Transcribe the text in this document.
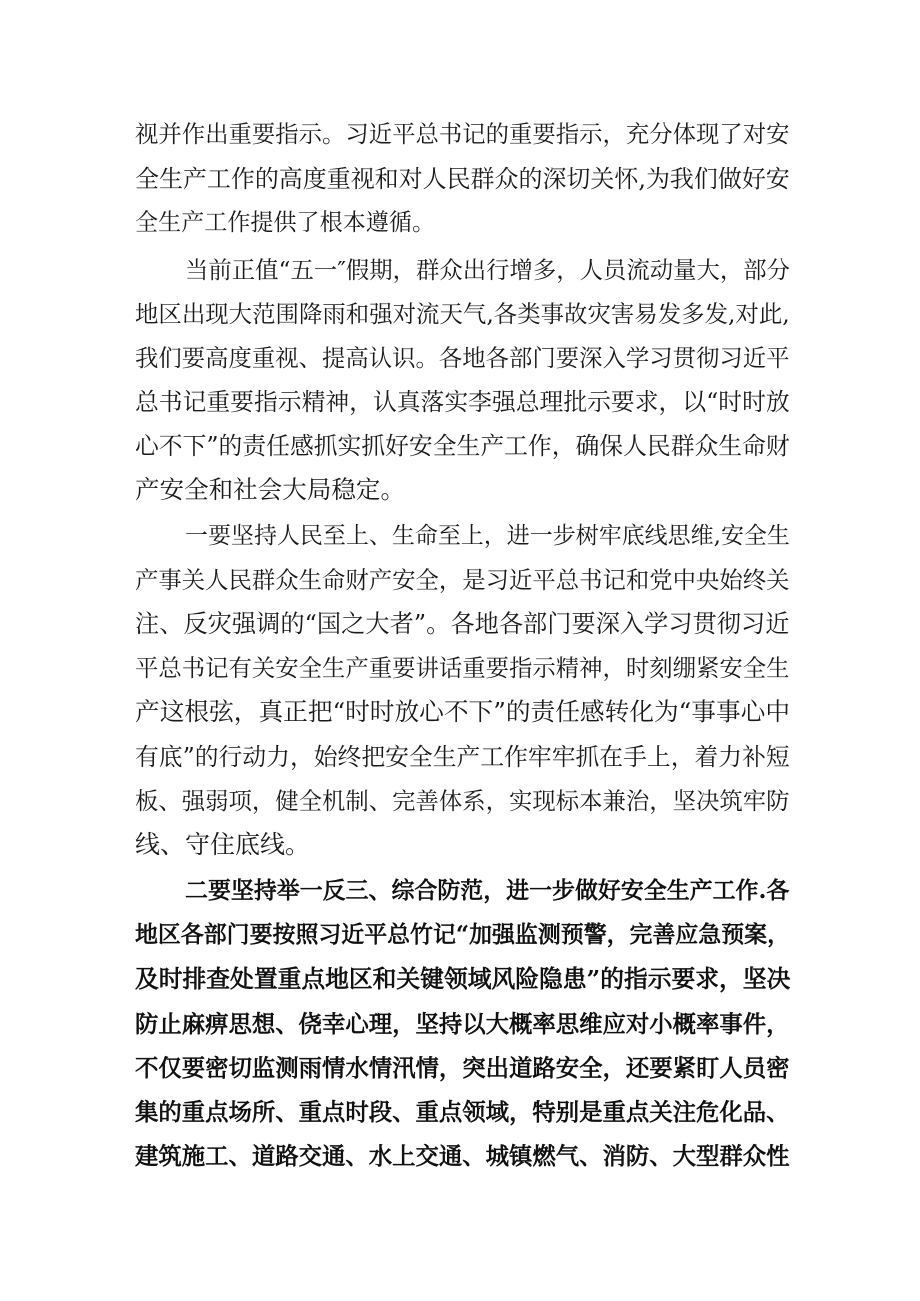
视并作出重要指示。习近平总书记的重要指示，充分体现了对安
全生产工作的高度重视和对人民群众的深切关怀,为我们做好安
全生产工作提供了根本遵循。
当前正值“五一″假期，群众出行增多，人员流动量大，部分
地区出现大范围降雨和强对流天气,各类事故灾害易发多发,对此,
我们要高度重视、提高认识。各地各部门要深入学习贯彻习近平
总书记重要指示精神，认真落实李强总理批示要求，以“时时放
心不下”的责任感抓实抓好安全生产工作，确保人民群众生命财
产安全和社会大局稳定。
一要坚持人民至上、生命至上，进一步树牢底线思维,安全生
产事关人民群众生命财产安全，是习近平总书记和党中央始终关
注、反灾强调的“国之大者”。各地各部门要深入学习贯彻习近
平总书记有关安全生产重要讲话重要指示精神，时刻绷紧安全生
产这根弦，真正把“时时放心不下”的责任感转化为“事事心中
有底”的行动力，始终把安全生产工作牢牢抓在手上，着力补短
板、强弱项，健全机制、完善体系，实现标本兼治，坚决筑牢防
线、守住底线。
二要坚持举一反三、综合防范，进一步做好安全生产工作.各
地区各部门要按照习近平总竹记“加强监测预警，完善应急预案，
及时排查处置重点地区和关键领域风险隐患”的指示要求，坚决
防止麻痹思想、侥幸心理，坚持以大概率思维应对小概率事件，
不仅要密切监测雨情水情汛情，突出道路安全，还要紧盯人员密
集的重点场所、重点时段、重点领域，特别是重点关注危化品、
建筑施工、道路交通、水上交通、城镇燃气、消防、大型群众性
